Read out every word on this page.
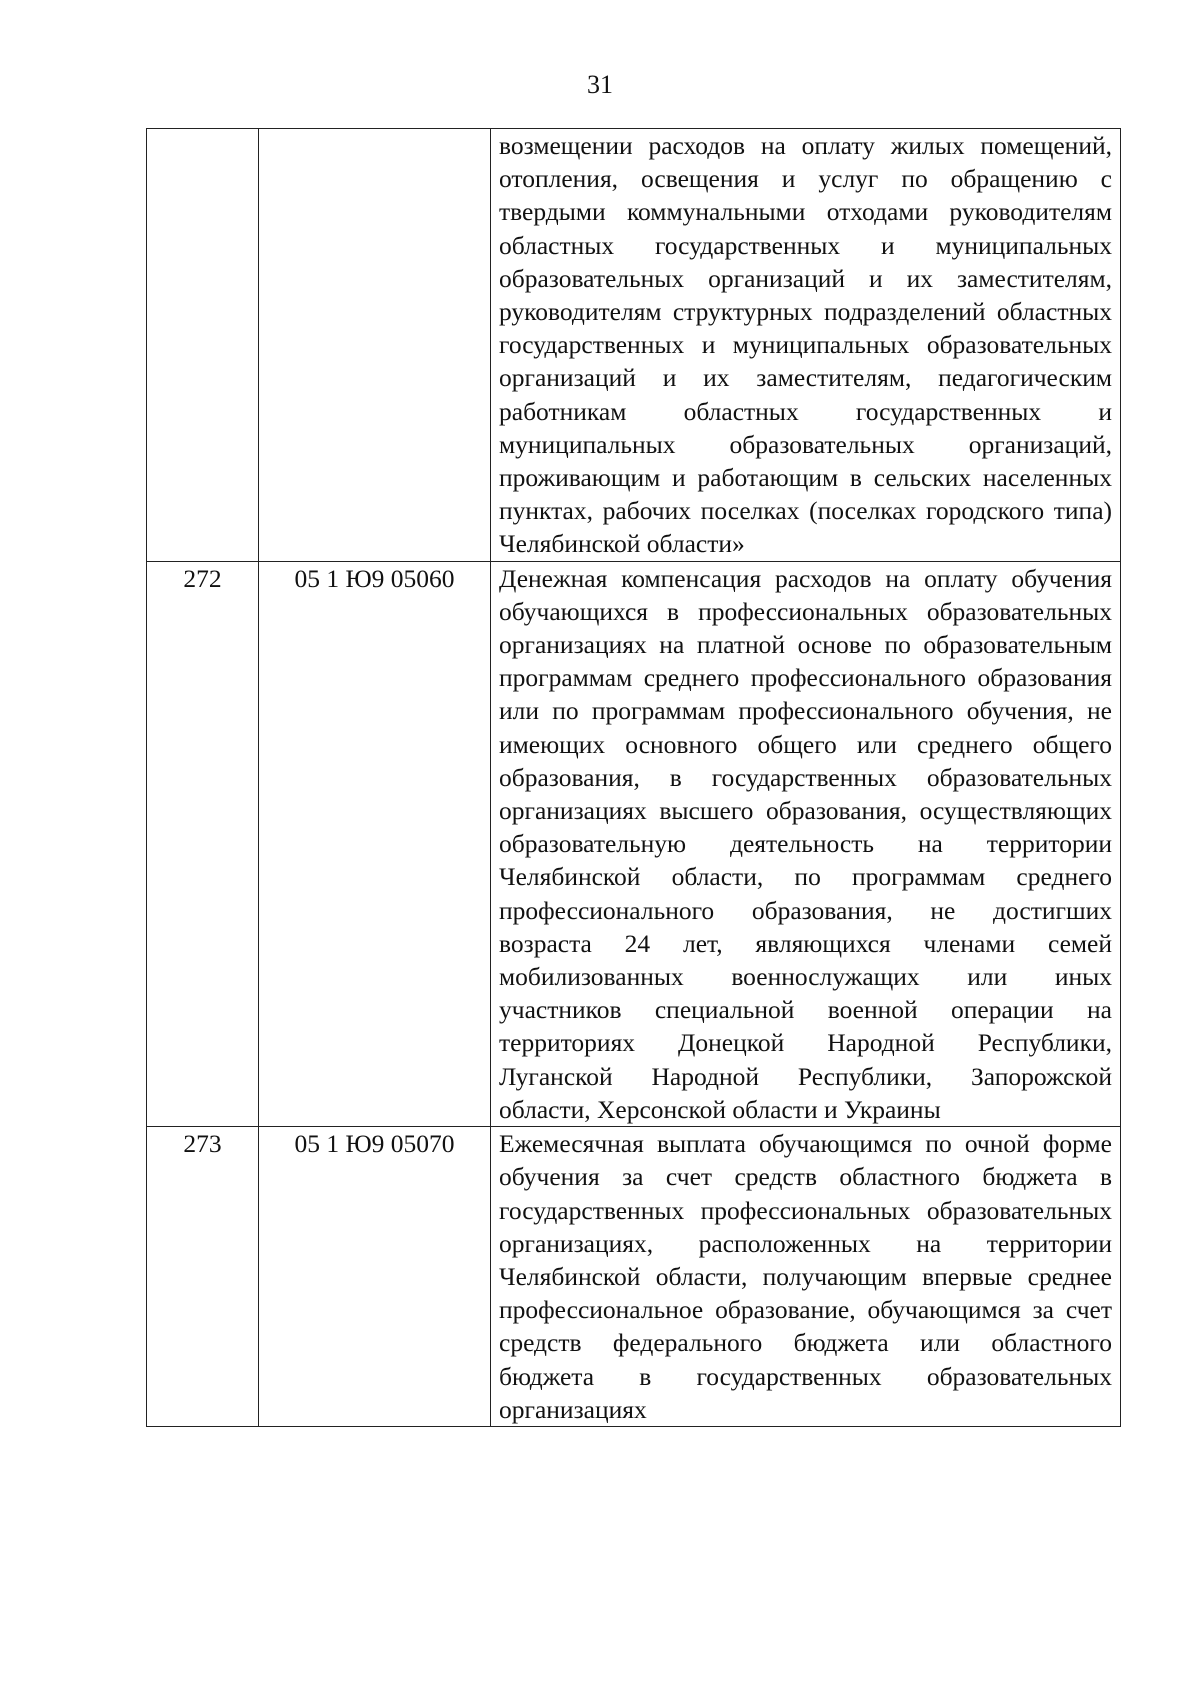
31
		возмещении расходов на оплату жилых помещений, отопления, освещения и услуг по обращению с твердыми коммунальными отходами руководителям областных государственных и муниципальных образовательных организаций и их заместителям, руководителям структурных подразделений областных государственных и муниципальных образовательных организаций и их заместителям, педагогическим работникам областных государственных и муниципальных образовательных организаций, проживающим и работающим в сельских населенных пунктах, рабочих поселках (поселках городского типа) Челябинской области»
272	05 1 Ю9 05060	Денежная компенсация расходов на оплату обучения обучающихся в профессиональных образовательных организациях на платной основе по образовательным программам среднего профессионального образования или по программам профессионального обучения, не имеющих основного общего или среднего общего образования, в государственных образовательных организациях высшего образования, осуществляющих образовательную деятельность на территории Челябинской области, по программам среднего профессионального образования, не достигших возраста 24 лет, являющихся членами семей мобилизованных военнослужащих или иных участников специальной военной операции на территориях Донецкой Народной Республики, Луганской Народной Республики, Запорожской области, Херсонской области и Украины
273	05 1 Ю9 05070	Ежемесячная выплата обучающимся по очной форме обучения за счет средств областного бюджета в государственных профессиональных образовательных организациях, расположенных на территории Челябинской области, получающим впервые среднее профессиональное образование, обучающимся за счет средств федерального бюджета или областного бюджета в государственных образовательных организациях
